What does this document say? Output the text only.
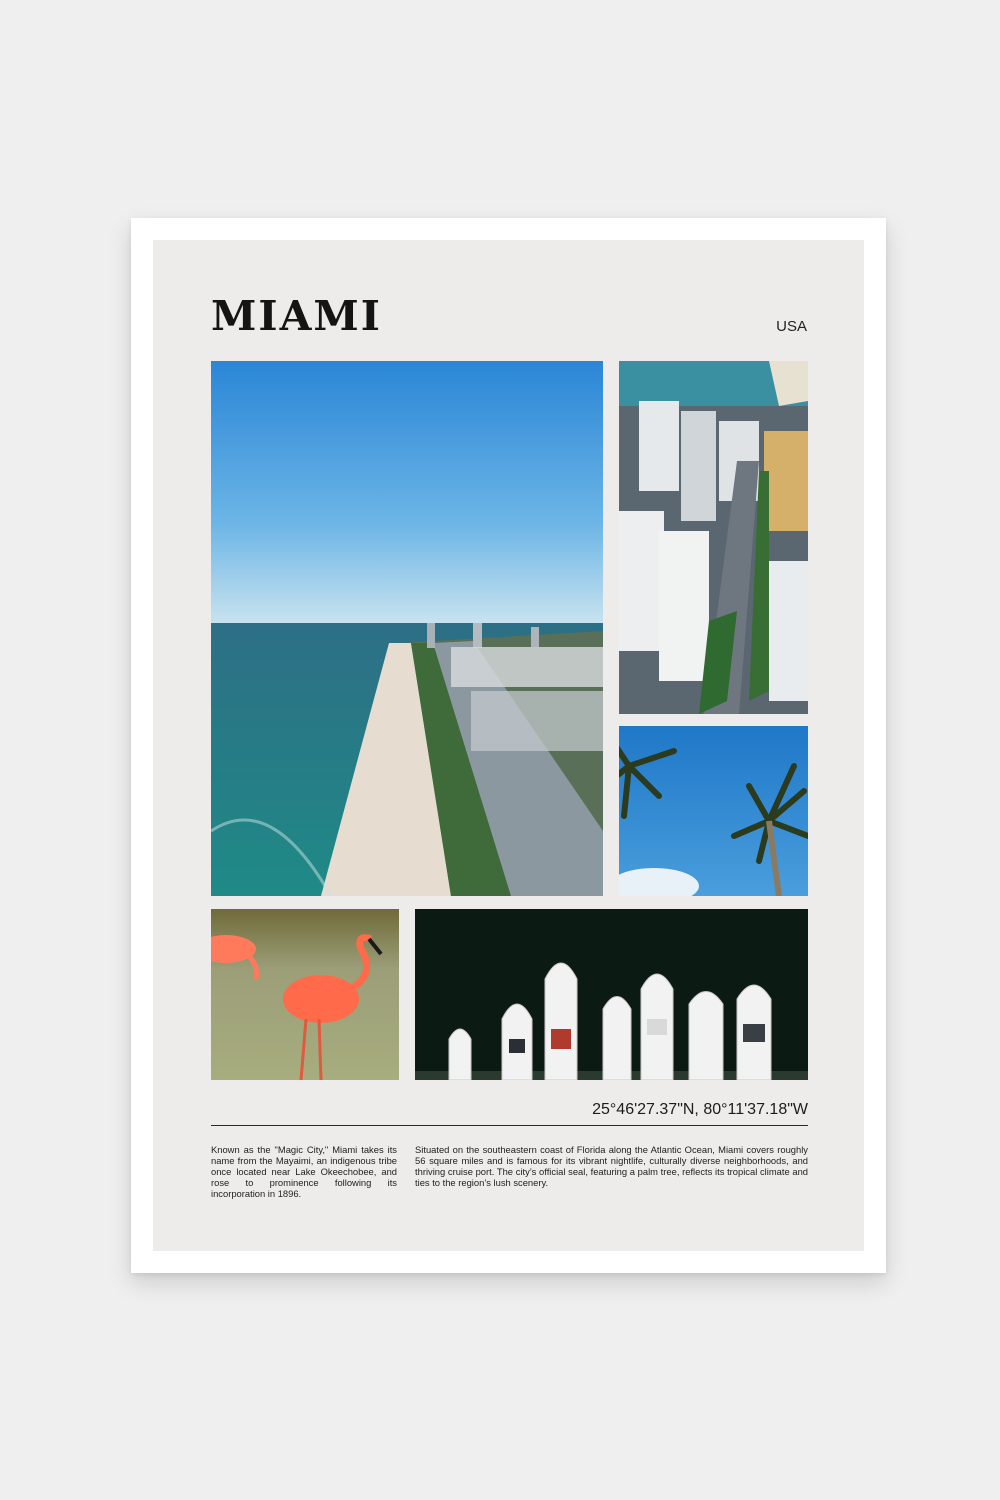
MIAMI	USA
25°46'27.37"N, 80°11'37.18"W

Known as the "Magic City," Miami takes its name from the Mayaimi, an indigenous tribe once located near Lake Okeechobee, and rose to prominence following its incorporation in 1896.

Situated on the southeastern coast of Florida along the Atlantic Ocean, Miami covers roughly 56 square miles and is famous for its vibrant nightlife, culturally diverse neighborhoods, and thriving cruise port. The city’s official seal, featuring a palm tree, reflects its tropical climate and ties to the region’s lush scenery.
